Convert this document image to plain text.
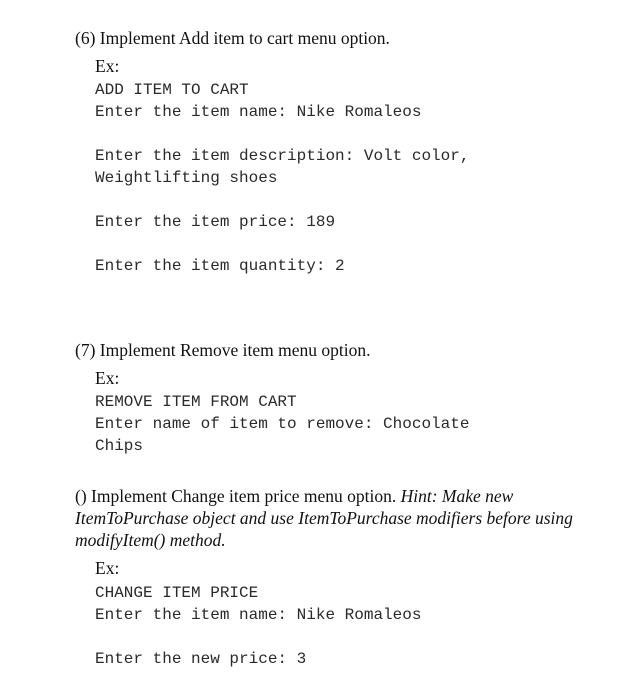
(6) Implement Add item to cart menu option.
Ex:
ADD ITEM TO CART
Enter the item name: Nike Romaleos
Enter the item description: Volt color,
Weightlifting shoes
Enter the item price: 189
Enter the item quantity: 2
(7) Implement Remove item menu option.
Ex:
REMOVE ITEM FROM CART
Enter name of item to remove: Chocolate
Chips
() Implement Change item price menu option. Hint: Make new ItemToPurchase object and use ItemToPurchase modifiers before using modifyItem() method.
Ex:
CHANGE ITEM PRICE
Enter the item name: Nike Romaleos
Enter the new price: 3
